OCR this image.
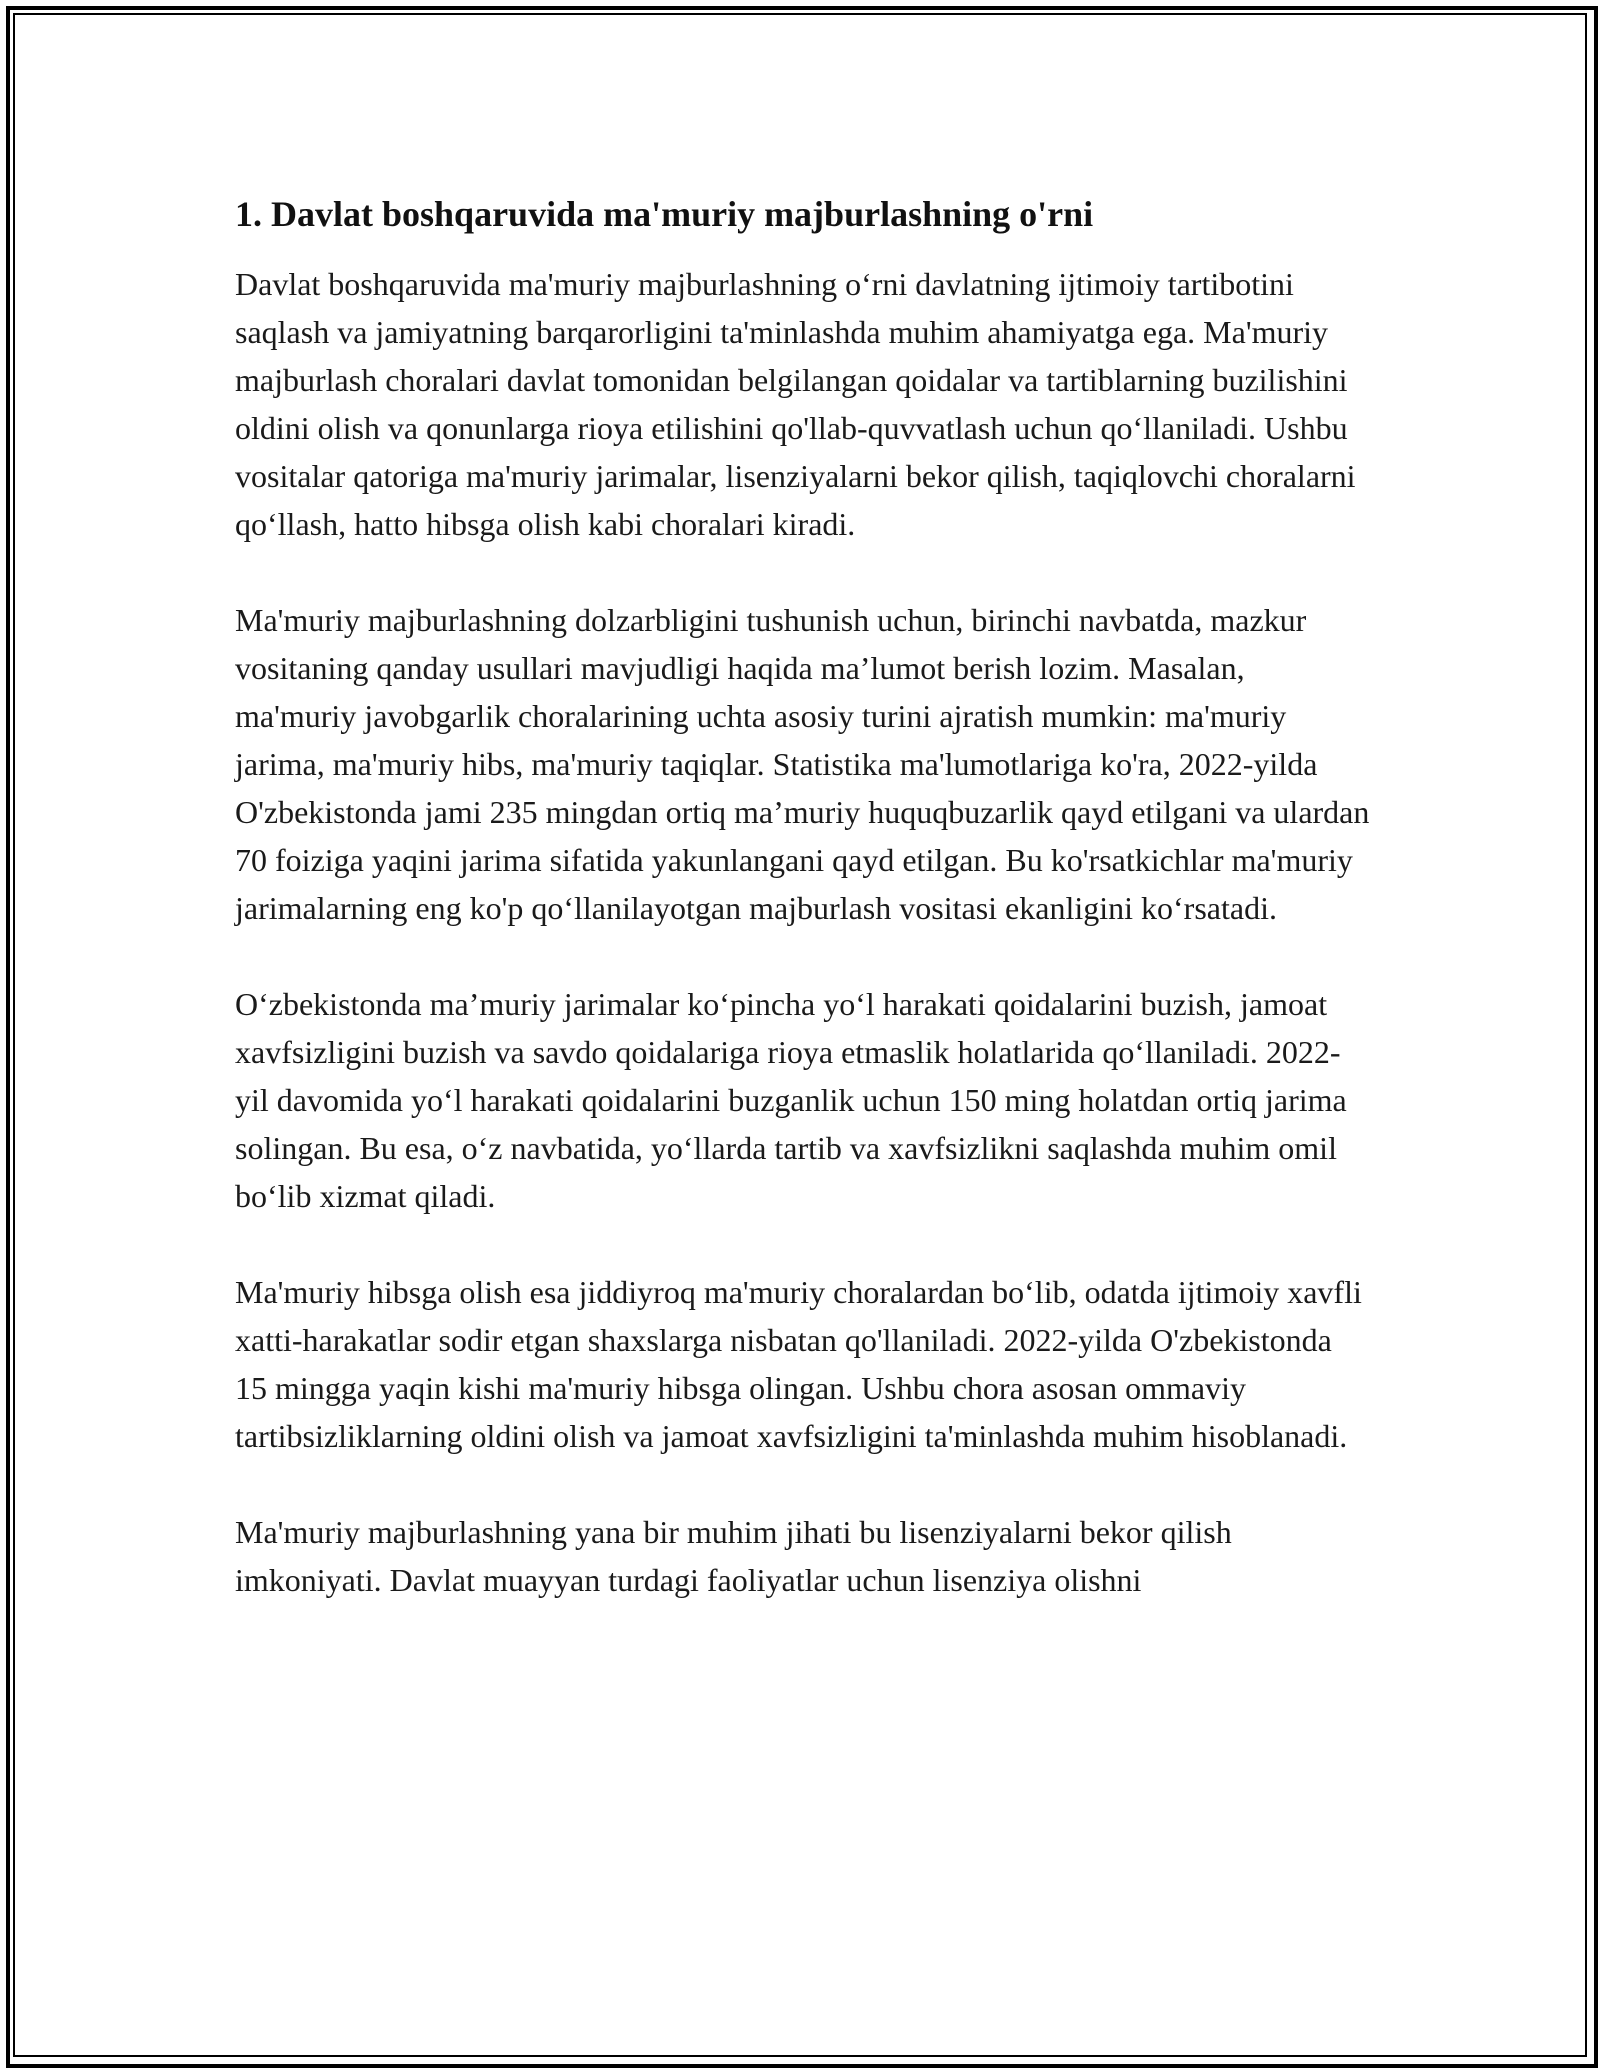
1. Davlat boshqaruvida ma'muriy majburlashning o'rni

Davlat boshqaruvida ma'muriy majburlashning o‘rni davlatning ijtimoiy tartibotini saqlash va jamiyatning barqarorligini ta'minlashda muhim ahamiyatga ega. Ma'muriy majburlash choralari davlat tomonidan belgilangan qoidalar va tartiblarning buzilishini oldini olish va qonunlarga rioya etilishini qo'llab-quvvatlash uchun qo‘llaniladi. Ushbu vositalar qatoriga ma'muriy jarimalar, lisenziyalarni bekor qilish, taqiqlovchi choralarni qo‘llash, hatto hibsga olish kabi choralari kiradi.

Ma'muriy majburlashning dolzarbligini tushunish uchun, birinchi navbatda, mazkur vositaning qanday usullari mavjudligi haqida ma’lumot berish lozim. Masalan, ma'muriy javobgarlik choralarining uchta asosiy turini ajratish mumkin: ma'muriy jarima, ma'muriy hibs, ma'muriy taqiqlar. Statistika ma'lumotlariga ko'ra, 2022-yilda O'zbekistonda jami 235 mingdan ortiq ma’muriy huquqbuzarlik qayd etilgani va ulardan 70 foiziga yaqini jarima sifatida yakunlangani qayd etilgan. Bu ko'rsatkichlar ma'muriy jarimalarning eng ko'p qo‘llanilayotgan majburlash vositasi ekanligini ko‘rsatadi.

O‘zbekistonda ma’muriy jarimalar ko‘pincha yo‘l harakati qoidalarini buzish, jamoat xavfsizligini buzish va savdo qoidalariga rioya etmaslik holatlarida qo‘llaniladi. 2022-yil davomida yo‘l harakati qoidalarini buzganlik uchun 150 ming holatdan ortiq jarima solingan. Bu esa, o‘z navbatida, yo‘llarda tartib va xavfsizlikni saqlashda muhim omil bo‘lib xizmat qiladi.

Ma'muriy hibsga olish esa jiddiyroq ma'muriy choralardan bo‘lib, odatda ijtimoiy xavfli xatti-harakatlar sodir etgan shaxslarga nisbatan qo'llaniladi. 2022-yilda O'zbekistonda 15 mingga yaqin kishi ma'muriy hibsga olingan. Ushbu chora asosan ommaviy tartibsizliklarning oldini olish va jamoat xavfsizligini ta'minlashda muhim hisoblanadi.

Ma'muriy majburlashning yana bir muhim jihati bu lisenziyalarni bekor qilish imkoniyati. Davlat muayyan turdagi faoliyatlar uchun lisenziya olishni
